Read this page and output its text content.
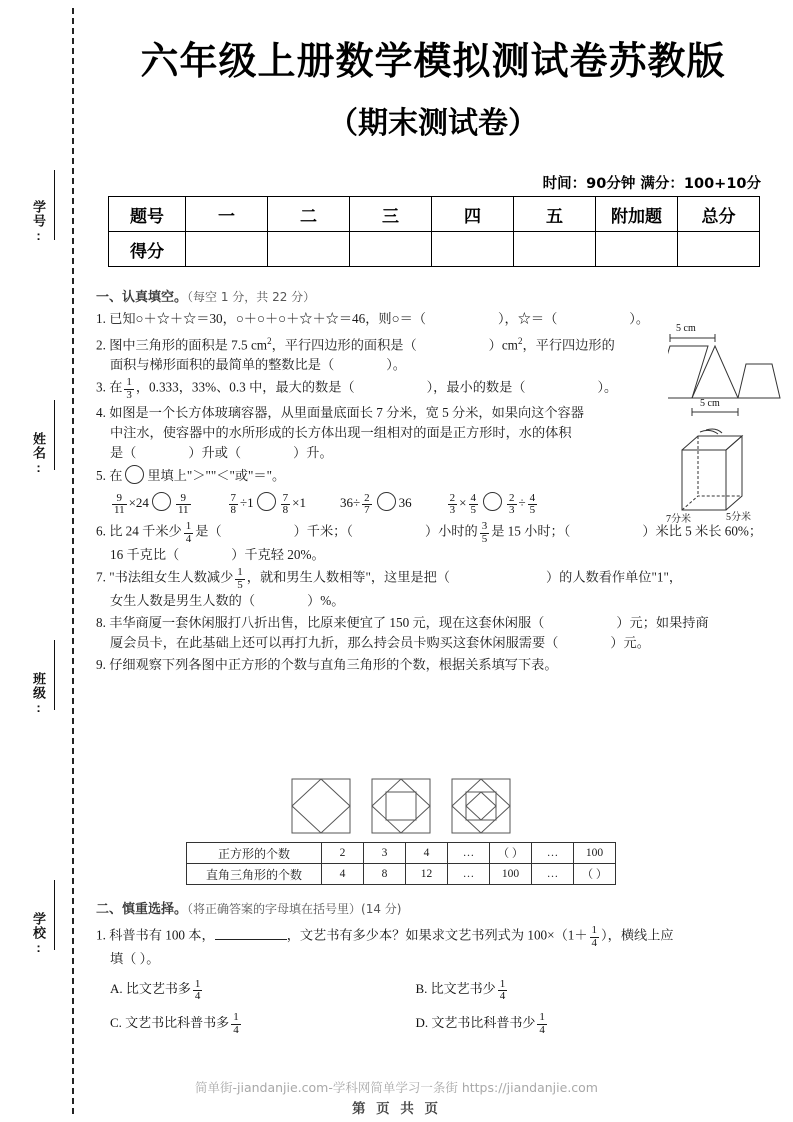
学号:
姓名:
班级:
学校:
六年级上册数学模拟测试卷苏教版
（期末测试卷）
时间：90分钟 满分：100+10分
题号	一	二	三	四	五	附加题	总分
得分							
一、认真填空。（每空 1 分，共 22 分）
1. 已知○＋☆＋☆＝30，○＋○＋○＋☆＋☆＝46，则○＝（	），☆＝（	）。
2. 图中三角形的面积是 7.5 $cm^2$，平行四边形的面积是（	）$cm^2$，平行四边形的
面积与梯形面积的最简单的整数比是（	）。
3. 在 $\frac{1}{3}$ ，0.333，33%、0.3 中，最大的数是（	），最小的数是（	）。
4. 如图是一个长方体玻璃容器，从里面量底面长 7 分米，宽 5 分米，如果向这个容器
中注水，使容器中的水所形成的长方体出现一组相对的面是正方形时，水的体积
是（	）升或（	）升。
5. 在 里填上"＞""＜"或"＝"。
$\frac{9}{11} \times 24 \frac{9}{11}$	$\frac{7}{8} \div 1 \frac{7}{8} \times 1$	$36\div \frac{2}{7} 36$	$\frac{2}{3} \times \frac{4}{5}$	$\frac{2}{3} \div \frac{4}{5}$
6. 比 24 千米少 $\frac{1}{4}$ 是（	）千米；（	）小时的 $\frac{3}{5}$ 是 15 小时；（	）米比 5 米长 60%；
16 千克比（	）千克轻 20%。
7. "书法组女生人数减少 $\frac{1}{5}$ ，就和男生人数相等"，这里是把（	）的人数看作单位"1"，
女生人数是男生人数的（	）%。
8. 丰华商厦一套休闲服打八折出售，比原来便宜了 150 元，现在这套休闲服（	）元；如果持商
厦会员卡，在此基础上还可以再打九折，那么持会员卡购买这套休闲服需要（	）元。
9. 仔细观察下列各图中正方形的个数与直角三角形的个数，根据关系填写下表。
5 cm
5 cm
7分米	5分米
正方形的个数	2	3	4	…	（ ）	…	100
直角三角形的个数	4	8	12	…	100	…	（ ）
二、慎重选择。（将正确答案的字母填在括号里）(14 分)
1. 科普书有 100 本，	，文艺书有多少本？如果求文艺书列式为 $100\times(1+ \frac{1}{4}$ ），横线上应
填（ ）。
A. 比文艺书多 $\frac{1}{4}$	B. 比文艺书少 $\frac{1}{4}$
C. 文艺书比科普书多 $\frac{1}{4}$	D. 文艺书比科普书少 $\frac{1}{4}$
简单街-jiandanjie.com-学科网简单学习一条街 https://jiandanjie.com
第 页 共 页
